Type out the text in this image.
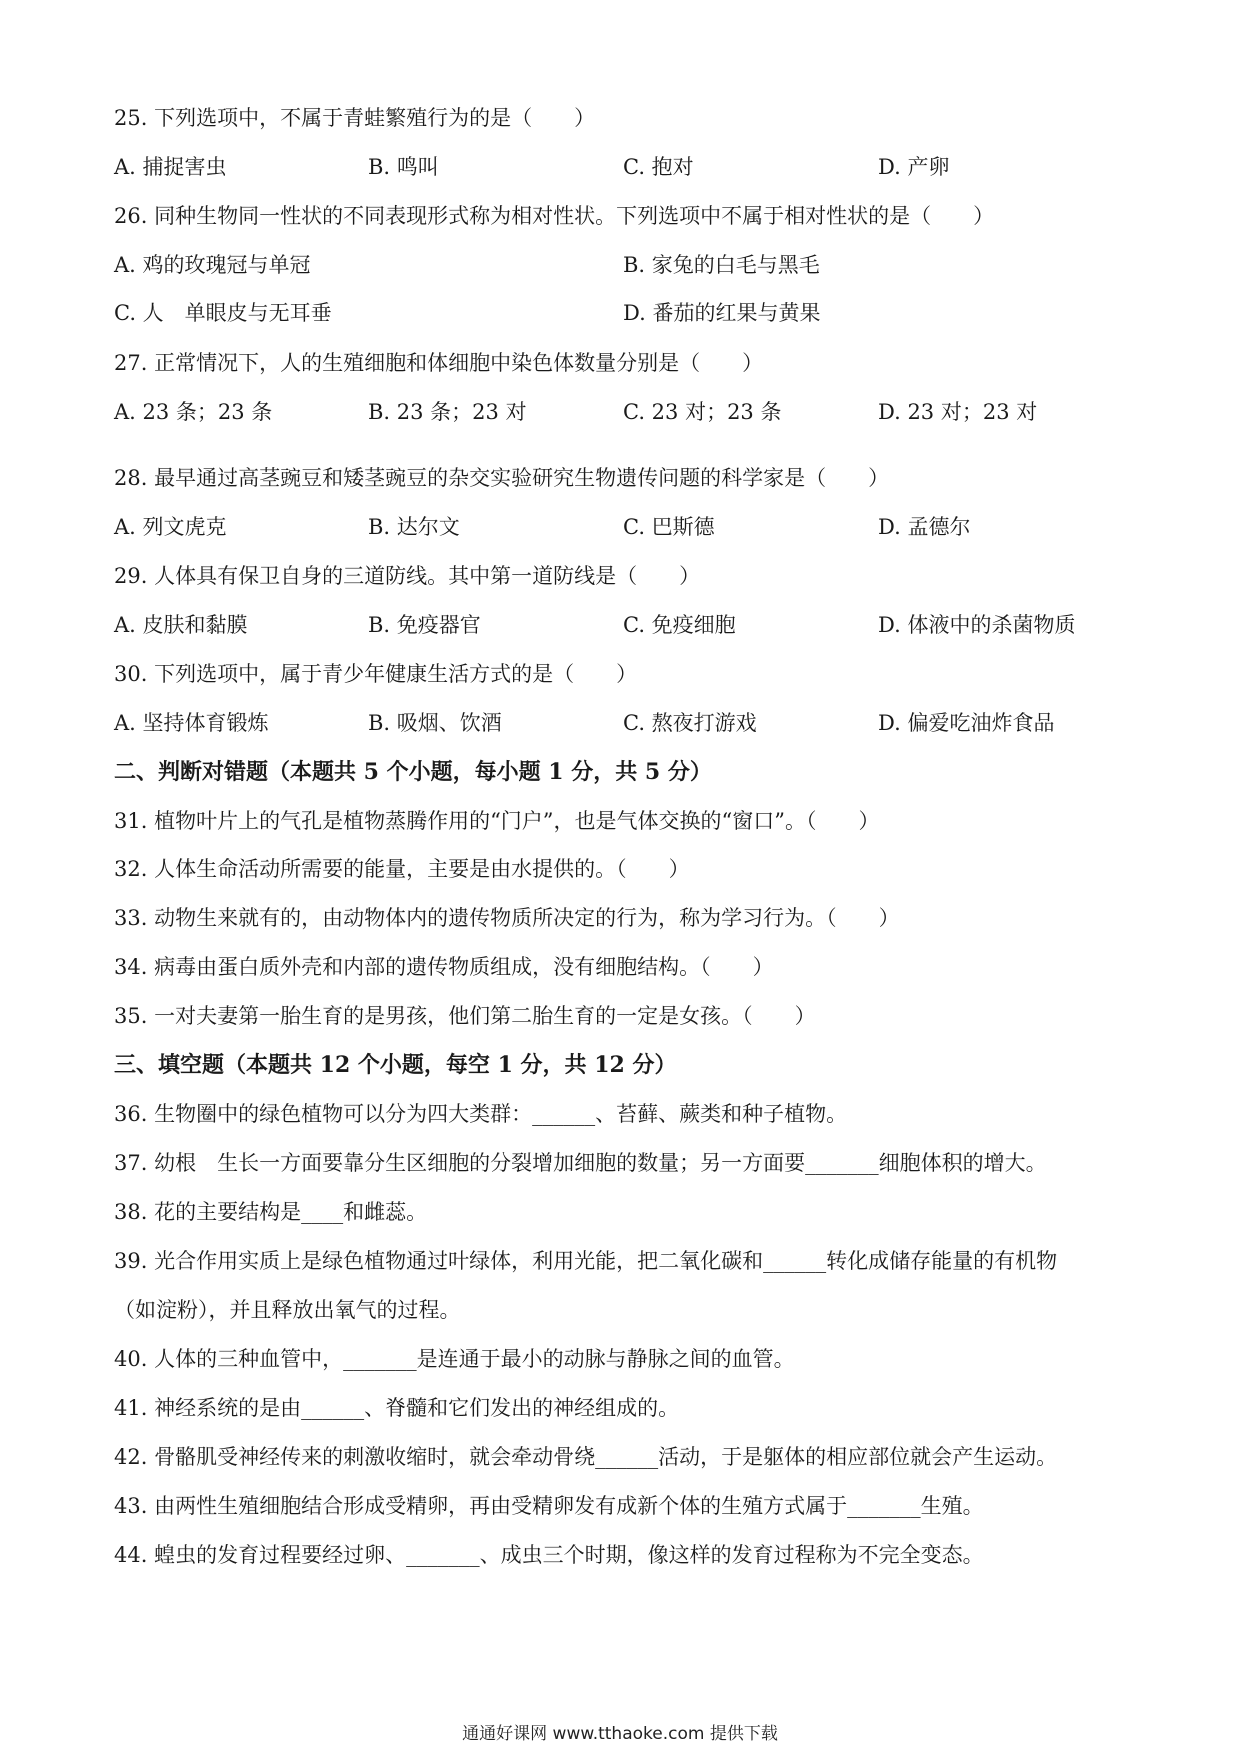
25. 下列选项中，不属于青蛙繁殖行为的是（　　）
A. 捕捉害虫	B. 鸣叫	C. 抱对	D. 产卵
26. 同种生物同一性状的不同表现形式称为相对性状。下列选项中不属于相对性状的是（　　）
A. 鸡的玫瑰冠与单冠	B. 家兔的白毛与黑毛
C. 人　单眼皮与无耳垂	D. 番茄的红果与黄果
27. 正常情况下，人的生殖细胞和体细胞中染色体数量分别是（　　）
A. 23 条；23 条	B. 23 条；23 对	C. 23 对；23 条	D. 23 对；23 对
28. 最早通过高茎豌豆和矮茎豌豆的杂交实验研究生物遗传问题的科学家是（　　）
A. 列文虎克	B. 达尔文	C. 巴斯德	D. 孟德尔
29. 人体具有保卫自身的三道防线。其中第一道防线是（　　）
A. 皮肤和黏膜	B. 免疫器官	C. 免疫细胞	D. 体液中的杀菌物质
30. 下列选项中，属于青少年健康生活方式的是（　　）
A. 坚持体育锻炼	B. 吸烟、饮酒	C. 熬夜打游戏	D. 偏爱吃油炸食品
二、判断对错题（本题共 5 个小题，每小题 1 分，共 5 分）
31. 植物叶片上的气孔是植物蒸腾作用的“门户”，也是气体交换的“窗口”。（　　）
32. 人体生命活动所需要的能量，主要是由水提供的。（　　）
33. 动物生来就有的，由动物体内的遗传物质所决定的行为，称为学习行为。（　　）
34. 病毒由蛋白质外壳和内部的遗传物质组成，没有细胞结构。（　　）
35. 一对夫妻第一胎生育的是男孩，他们第二胎生育的一定是女孩。（　　）
三、填空题（本题共 12 个小题，每空 1 分，共 12 分）
36. 生物圈中的绿色植物可以分为四大类群：______、苔藓、蕨类和种子植物。
37. 幼根　生长一方面要靠分生区细胞的分裂增加细胞的数量；另一方面要_______细胞体积的增大。
38. 花的主要结构是____和雌蕊。
39. 光合作用实质上是绿色植物通过叶绿体，利用光能，把二氧化碳和______转化成储存能量的有机物
（如淀粉），并且释放出氧气的过程。
40. 人体的三种血管中，_______是连通于最小的动脉与静脉之间的血管。
41. 神经系统的是由______、脊髓和它们发出的神经组成的。
42. 骨骼肌受神经传来的刺激收缩时，就会牵动骨绕______活动，于是躯体的相应部位就会产生运动。
43. 由两性生殖细胞结合形成受精卵，再由受精卵发有成新个体的生殖方式属于_______生殖。
44. 蝗虫的发育过程要经过卵、_______、成虫三个时期，像这样的发育过程称为不完全变态。
通通好课网 www.tthaoke.com 提供下载
